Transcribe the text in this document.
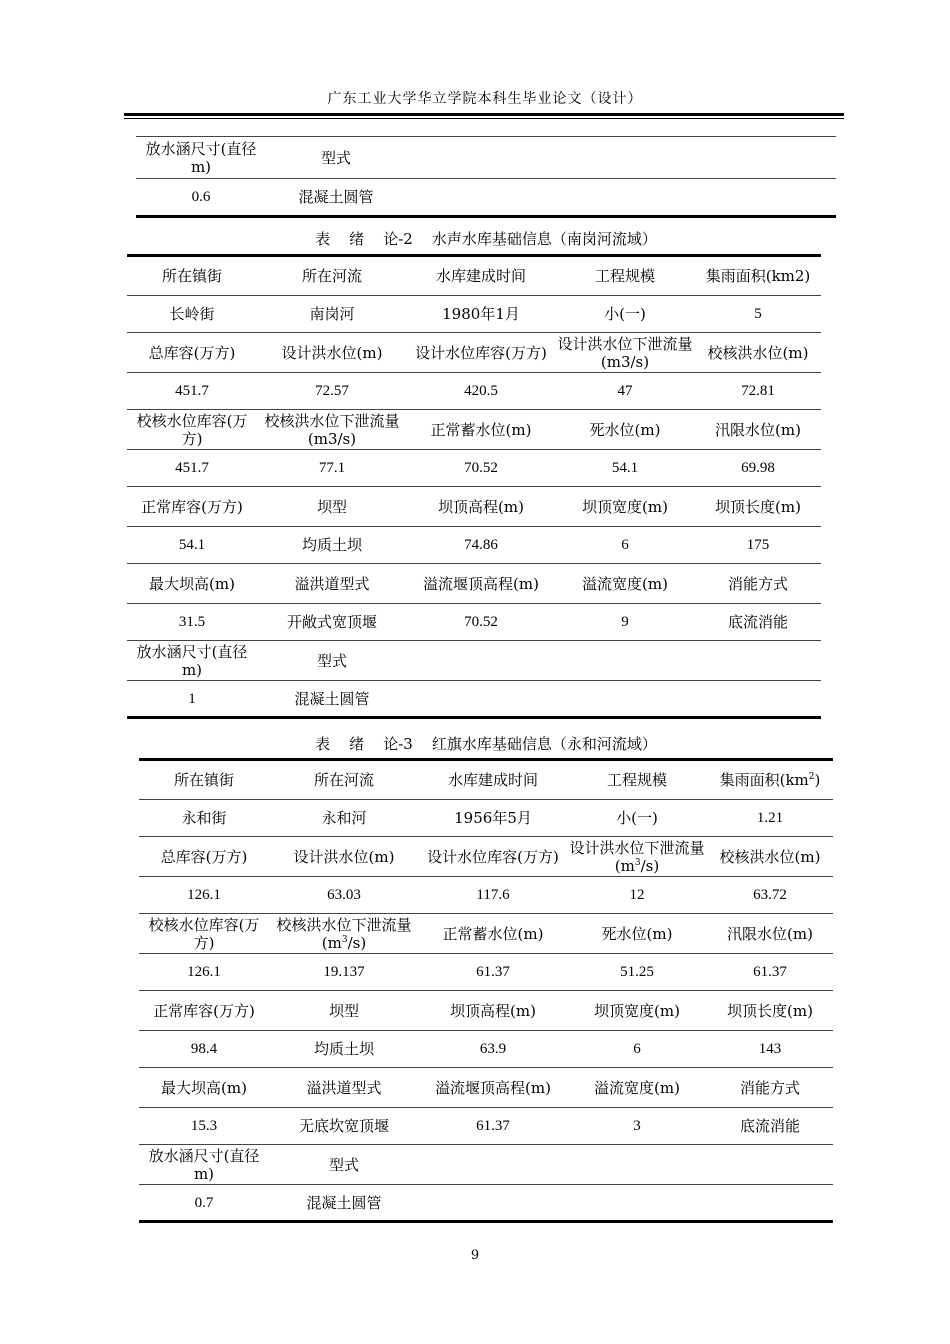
广东工业大学华立学院本科生毕业论文（设计）
放水涵尺寸(直径m)	型式			
0.6	混凝土圆管			
表    绪    论-2    水声水库基础信息（南岗河流域）
所在镇街	所在河流	水库建成时间	工程规模	集雨面积(km2)
长岭街	南岗河	1980年1月	小(一)	5
总库容(万方)	设计洪水位(m)	设计水位库容(万方)	设计洪水位下泄流量(m3/s)	校核洪水位(m)
451.7	72.57	420.5	47	72.81
校核水位库容(万方)	校核洪水位下泄流量(m3/s)	正常蓄水位(m)	死水位(m)	汛限水位(m)
451.7	77.1	70.52	54.1	69.98
正常库容(万方)	坝型	坝顶高程(m)	坝顶宽度(m)	坝顶长度(m)
54.1	均质土坝	74.86	6	175
最大坝高(m)	溢洪道型式	溢流堰顶高程(m)	溢流宽度(m)	消能方式
31.5	开敞式宽顶堰	70.52	9	底流消能
放水涵尺寸(直径m)	型式			
1	混凝土圆管			
表    绪    论-3    红旗水库基础信息（永和河流域）
所在镇街	所在河流	水库建成时间	工程规模	集雨面积$(km^2)$
永和街	永和河	1956年5月	小(一)	1.21
总库容(万方)	设计洪水位(m)	设计水位库容(万方)	设计洪水位下泄流量$(m^3/s)$	校核洪水位(m)
126.1	63.03	117.6	12	63.72
校核水位库容(万方)	校核洪水位下泄流量$(m^3/s)$	正常蓄水位(m)	死水位(m)	汛限水位(m)
126.1	19.137	61.37	51.25	61.37
正常库容(万方)	坝型	坝顶高程(m)	坝顶宽度(m)	坝顶长度(m)
98.4	均质土坝	63.9	6	143
最大坝高(m)	溢洪道型式	溢流堰顶高程(m)	溢流宽度(m)	消能方式
15.3	无底坎宽顶堰	61.37	3	底流消能
放水涵尺寸(直径m)	型式			
0.7	混凝土圆管			
9
